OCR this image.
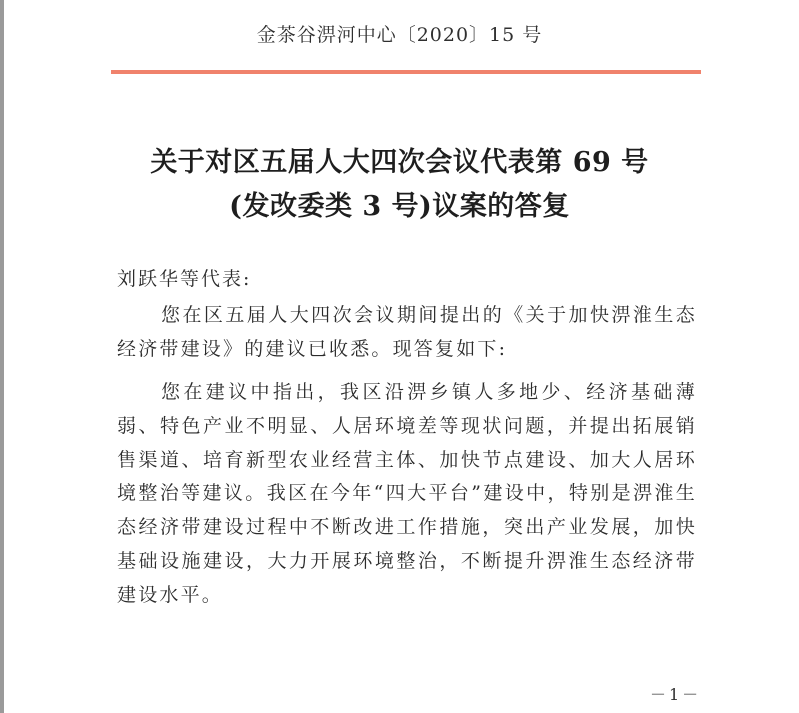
金茶谷淠河中心〔2020〕15 号
关于对区五届人大四次会议代表第 69 号
(发改委类 3 号)议案的答复
刘跃华等代表:
您在区五届人大四次会议期间提出的《关于加快淠淮生态经济带建设》的建议已收悉。现答复如下:
您在建议中指出，我区沿淠乡镇人多地少、经济基础薄弱、特色产业不明显、人居环境差等现状问题，并提出拓展销售渠道、培育新型农业经营主体、加快节点建设、加大人居环境整治等建议。我区在今年“四大平台”建设中，特别是淠淮生态经济带建设过程中不断改进工作措施，突出产业发展，加快基础设施建设，大力开展环境整治，不断提升淠淮生态经济带建设水平。
－1－
